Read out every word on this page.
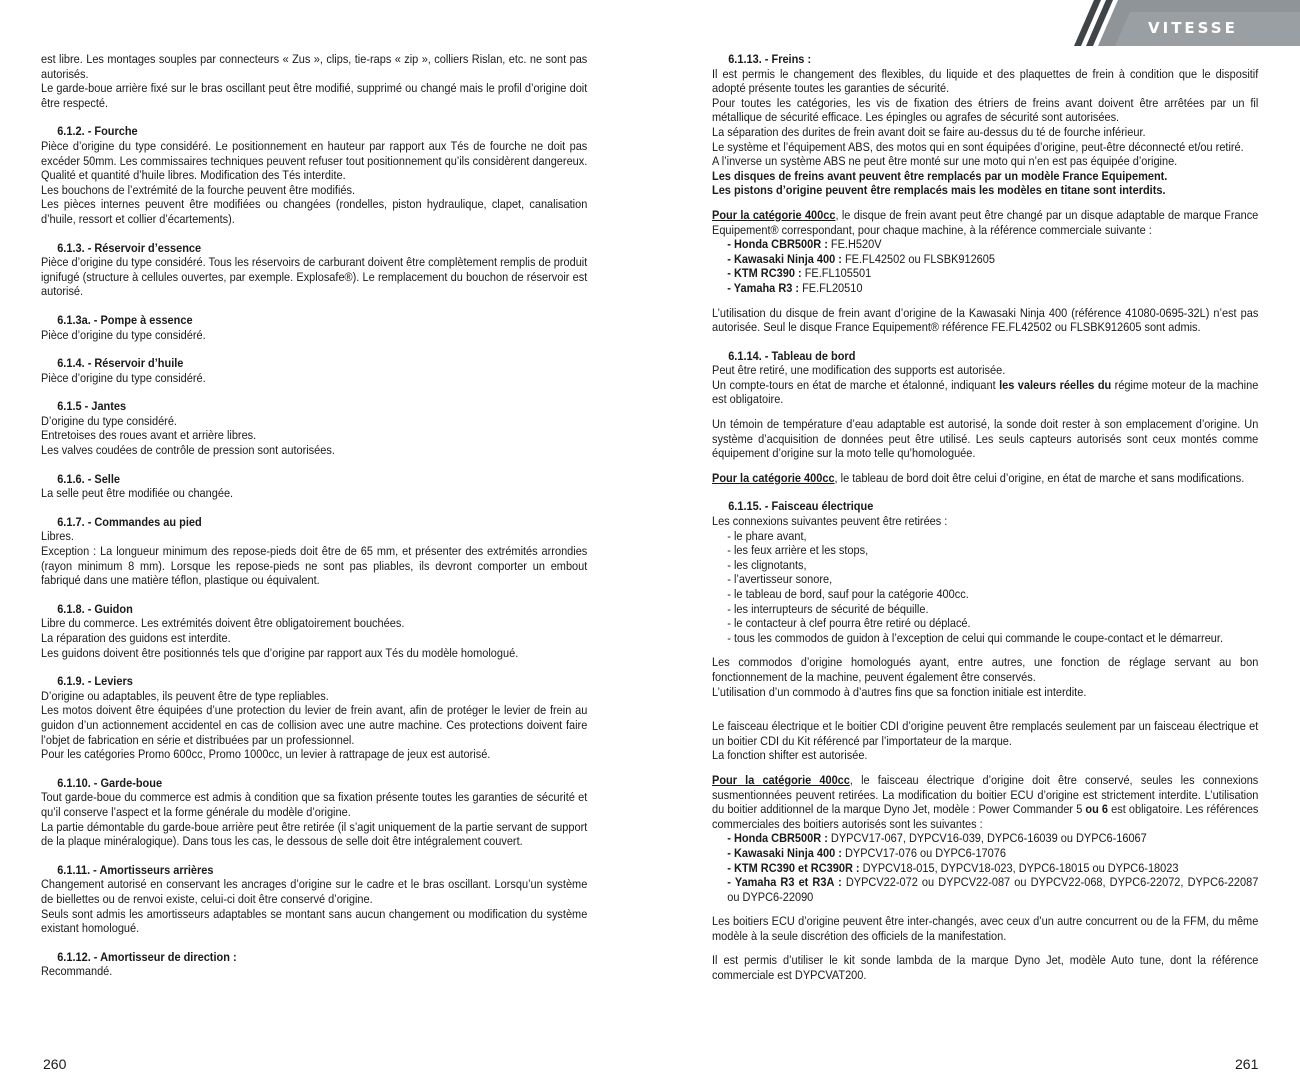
VITESSE

est libre. Les montages souples par connecteurs « Zus », clips, tie-raps « zip », colliers Rislan, etc. ne sont pas autorisés.

Le garde-boue arrière fixé sur le bras oscillant peut être modifié, supprimé ou changé mais le profil d’origine doit être respecté.

6.1.2. - Fourche

Pièce d’origine du type considéré. Le positionnement en hauteur par rapport aux Tés de fourche ne doit pas excéder 50mm. Les commissaires techniques peuvent refuser tout positionnement qu’ils considèrent dangereux.

Qualité et quantité d’huile libres. Modification des Tés interdite.

Les bouchons de l’extrémité de la fourche peuvent être modifiés.

Les pièces internes peuvent être modifiées ou changées (rondelles, piston hydraulique, clapet, canalisation d’huile, ressort et collier d’écartements).

6.1.3. - Réservoir d’essence

Pièce d’origine du type considéré. Tous les réservoirs de carburant doivent être complètement remplis de produit ignifugé (structure à cellules ouvertes, par exemple. Explosafe®). Le remplacement du bouchon de réservoir est autorisé.

6.1.3a. - Pompe à essence

Pièce d’origine du type considéré.

6.1.4. - Réservoir d’huile

Pièce d’origine du type considéré.

6.1.5 - Jantes

D’origine du type considéré.

Entretoises des roues avant et arrière libres.

Les valves coudées de contrôle de pression sont autorisées.

6.1.6. - Selle

La selle peut être modifiée ou changée.

6.1.7. - Commandes au pied

Libres.

Exception : La longueur minimum des repose-pieds doit être de 65 mm, et présenter des extrémités arrondies (rayon minimum 8 mm). Lorsque les repose-pieds ne sont pas pliables, ils devront comporter un embout fabriqué dans une matière téflon, plastique ou équivalent.

6.1.8. - Guidon

Libre du commerce. Les extrémités doivent être obligatoirement bouchées.

La réparation des guidons est interdite.

Les guidons doivent être positionnés tels que d’origine par rapport aux Tés du modèle homologué.

6.1.9. - Leviers

D’origine ou adaptables, ils peuvent être de type repliables.

Les motos doivent être équipées d’une protection du levier de frein avant, afin de protéger le levier de frein au guidon d’un actionnement accidentel en cas de collision avec une autre machine. Ces protections doivent faire l’objet de fabrication en série et distribuées par un professionnel.

Pour les catégories Promo 600cc, Promo 1000cc, un levier à rattrapage de jeux est autorisé.

6.1.10. - Garde-boue

Tout garde-boue du commerce est admis à condition que sa fixation présente toutes les garanties de sécurité et qu’il conserve l’aspect et la forme générale du modèle d’origine.

La partie démontable du garde-boue arrière peut être retirée (il s’agit uniquement de la partie servant de support de la plaque minéralogique). Dans tous les cas, le dessous de selle doit être intégralement couvert.

6.1.11. - Amortisseurs arrières

Changement autorisé en conservant les ancrages d’origine sur le cadre et le bras oscillant. Lorsqu’un système de biellettes ou de renvoi existe, celui-ci doit être conservé d’origine.

Seuls sont admis les amortisseurs adaptables se montant sans aucun changement ou modification du système existant homologué.

6.1.12. - Amortisseur de direction :

Recommandé.

6.1.13. - Freins :

Il est permis le changement des flexibles, du liquide et des plaquettes de frein à condition que le dispositif adopté présente toutes les garanties de sécurité.

Pour toutes les catégories, les vis de fixation des étriers de freins avant doivent être arrêtées par un fil métallique de sécurité efficace. Les épingles ou agrafes de sécurité sont autorisées.

La séparation des durites de frein avant doit se faire au-dessus du té de fourche inférieur.

Le système et l’équipement ABS, des motos qui en sont équipées d’origine, peut-être déconnecté et/ou retiré.

A l’inverse un système ABS ne peut être monté sur une moto qui n’en est pas équipée d’origine.

Les disques de freins avant peuvent être remplacés par un modèle France Equipement.

Les pistons d’origine peuvent être remplacés mais les modèles en titane sont interdits.

Pour la catégorie 400cc, le disque de frein avant peut être changé par un disque adaptable de marque France Equipement® correspondant, pour chaque machine, à la référence commerciale suivante :

- Honda CBR500R : FE.H520V

- Kawasaki Ninja 400 : FE.FL42502 ou FLSBK912605

- KTM RC390 : FE.FL105501

- Yamaha R3 : FE.FL20510

L’utilisation du disque de frein avant d’origine de la Kawasaki Ninja 400 (référence 41080-0695-32L) n’est pas autorisée. Seul le disque France Equipement® référence FE.FL42502 ou FLSBK912605 sont admis.

6.1.14. - Tableau de bord

Peut être retiré, une modification des supports est autorisée.

Un compte-tours en état de marche et étalonné, indiquant les valeurs réelles du régime moteur de la machine est obligatoire.

Un témoin de température d’eau adaptable est autorisé, la sonde doit rester à son emplacement d’origine. Un système d’acquisition de données peut être utilisé. Les seuls capteurs autorisés sont ceux montés comme équipement d’origine sur la moto telle qu’homologuée.

Pour la catégorie 400cc, le tableau de bord doit être celui d’origine, en état de marche et sans modifications.

6.1.15. - Faisceau électrique

Les connexions suivantes peuvent être retirées :

- le phare avant,

- les feux arrière et les stops,

- les clignotants,

- l’avertisseur sonore,

- le tableau de bord, sauf pour la catégorie 400cc.

- les interrupteurs de sécurité de béquille.

- le contacteur à clef pourra être retiré ou déplacé.

- tous les commodos de guidon à l’exception de celui qui commande le coupe-contact et le démarreur.

Les commodos d’origine homologués ayant, entre autres, une fonction de réglage servant au bon fonctionnement de la machine, peuvent également être conservés.

L’utilisation d’un commodo à d’autres fins que sa fonction initiale est interdite.

Le faisceau électrique et le boitier CDI d’origine peuvent être remplacés seulement par un faisceau électrique et un boitier CDI du Kit référencé par l’importateur de la marque.

La fonction shifter est autorisée.

Pour la catégorie 400cc, le faisceau électrique d’origine doit être conservé, seules les connexions susmentionnées peuvent retirées. La modification du boitier ECU d’origine est strictement interdite. L’utilisation du boitier additionnel de la marque Dyno Jet, modèle : Power Commander 5 ou 6 est obligatoire. Les références commerciales des boitiers autorisés sont les suivantes :

- Honda CBR500R : DYPCV17-067, DYPCV16-039, DYPC6-16039 ou DYPC6-16067

- Kawasaki Ninja 400 : DYPCV17-076 ou DYPC6-17076

- KTM RC390 et RC390R : DYPCV18-015, DYPCV18-023, DYPC6-18015 ou DYPC6-18023

- Yamaha R3 et R3A : DYPCV22-072 ou DYPCV22-087 ou DYPCV22-068, DYPC6-22072, DYPC6-22087 ou DYPC6-22090

Les boitiers ECU d’origine peuvent être inter-changés, avec ceux d’un autre concurrent ou de la FFM, du même modèle à la seule discrétion des officiels de la manifestation.

Il est permis d’utiliser le kit sonde lambda de la marque Dyno Jet, modèle Auto tune, dont la référence commerciale est DYPCVAT200.

260	261
